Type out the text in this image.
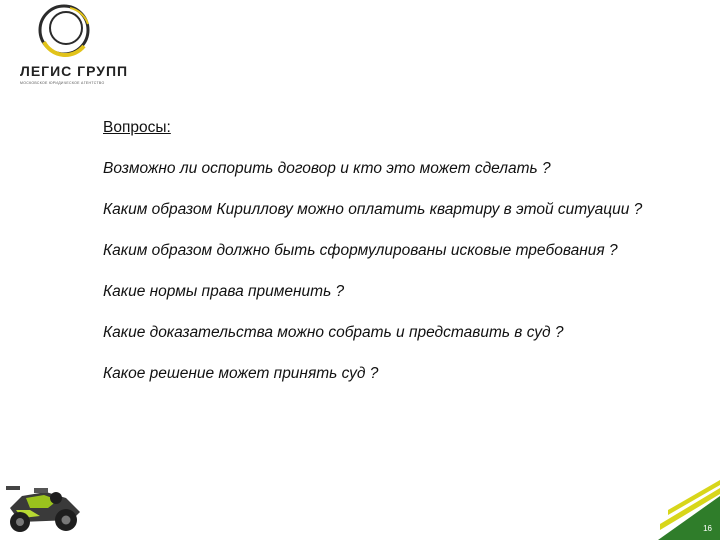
ЛЕГИС ГРУПП
МОСКОВСКОЕ ЮРИДИЧЕСКОЕ АГЕНТСТВО

Вопросы:

Возможно ли оспорить договор и кто это может сделать ?

Каким образом Кириллову можно оплатить квартиру в этой ситуации ?

Каким образом должно быть сформулированы исковые требования ?

Какие нормы права применить ?

Какие доказательства можно собрать и представить в суд ?

Какое решение может принять суд ?

16
